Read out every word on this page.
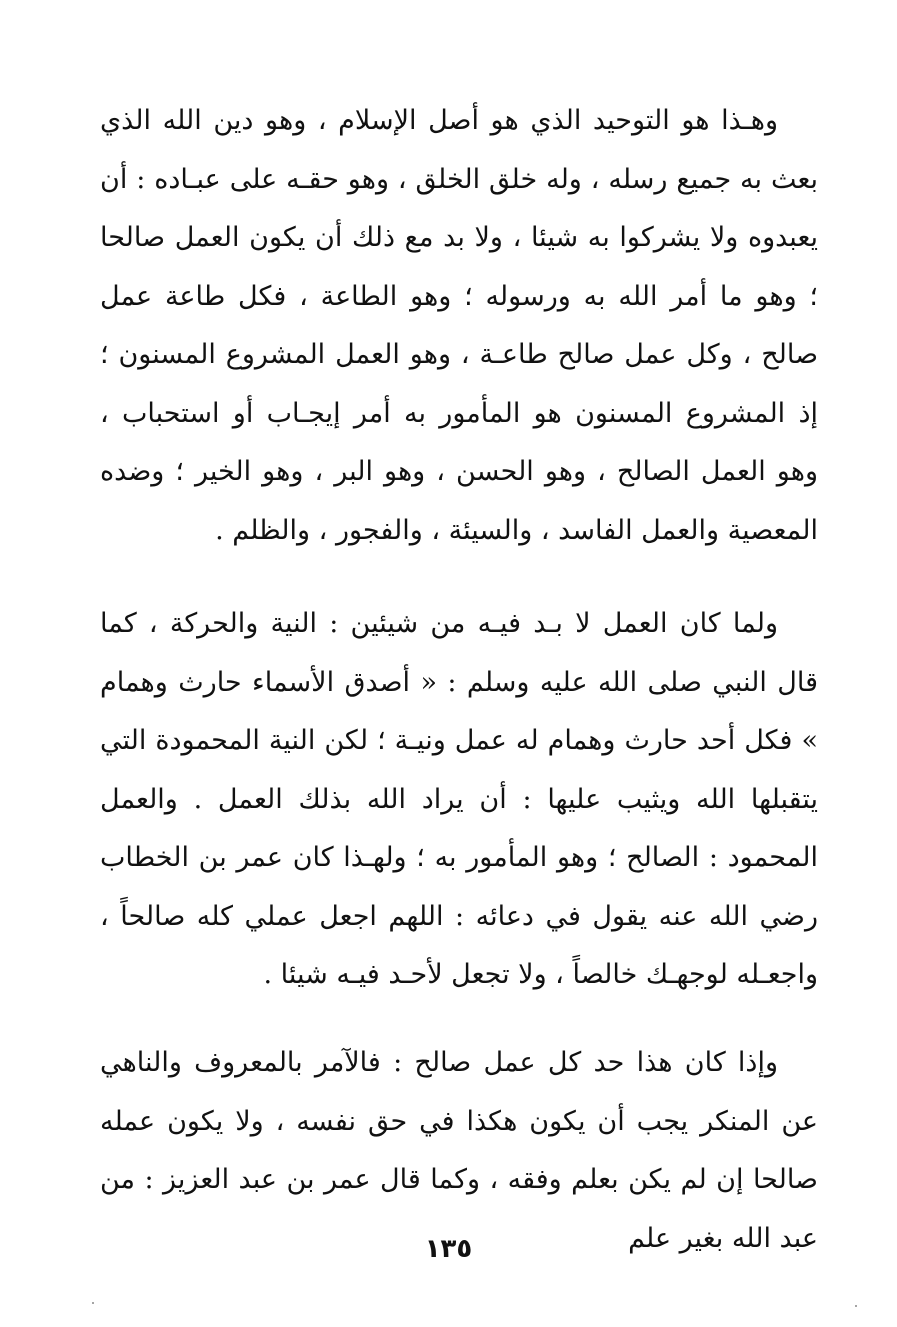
وهـذا هو التوحيد الذي هو أصل الإسلام ، وهو دين الله الذي بعث به جميع رسله ، وله خلق الخلق ، وهو حقـه على عبـاده : أن يعبدوه ولا يشركوا به شيئا ، ولا بد مع ذلك أن يكون العمل صالحا ؛ وهو ما أمر الله به ورسوله ؛ وهو الطاعة ، فكل طاعة عمل صالح ، وكل عمل صالح طاعـة ، وهو العمل المشروع المسنون ؛ إذ المشروع المسنون هو المأمور به أمر إيجـاب أو استحباب ، وهو العمل الصالح ، وهو الحسن ، وهو البر ، وهو الخير ؛ وضده المعصية والعمل الفاسد ، والسيئة ، والفجور ، والظلم .

ولما كان العمل لا بـد فيـه من شيئين : النية والحركة ، كما قال النبي صلى الله عليه وسلم : « أصدق الأسماء حارث وهمام » فكل أحد حارث وهمام له عمل ونيـة ؛ لكن النية المحمودة التي يتقبلها الله ويثيب عليها : أن يراد الله بذلك العمل . والعمل المحمود : الصالح ؛ وهو المأمور به ؛ ولهـذا كان عمر بن الخطاب رضي الله عنه يقول في دعائه : اللهم اجعل عملي كله صالحاً ، واجعـله لوجهـك خالصاً ، ولا تجعل لأحـد فيـه شيئا .

وإذا كان هذا حد كل عمل صالح : فالآمر بالمعروف والناهي عن المنكر يجب أن يكون هكذا في حق نفسه ، ولا يكون عمله صالحا إن لم يكن بعلم وفقه ، وكما قال عمر بن عبد العزيز : من عبد الله بغير علم

١٣٥
